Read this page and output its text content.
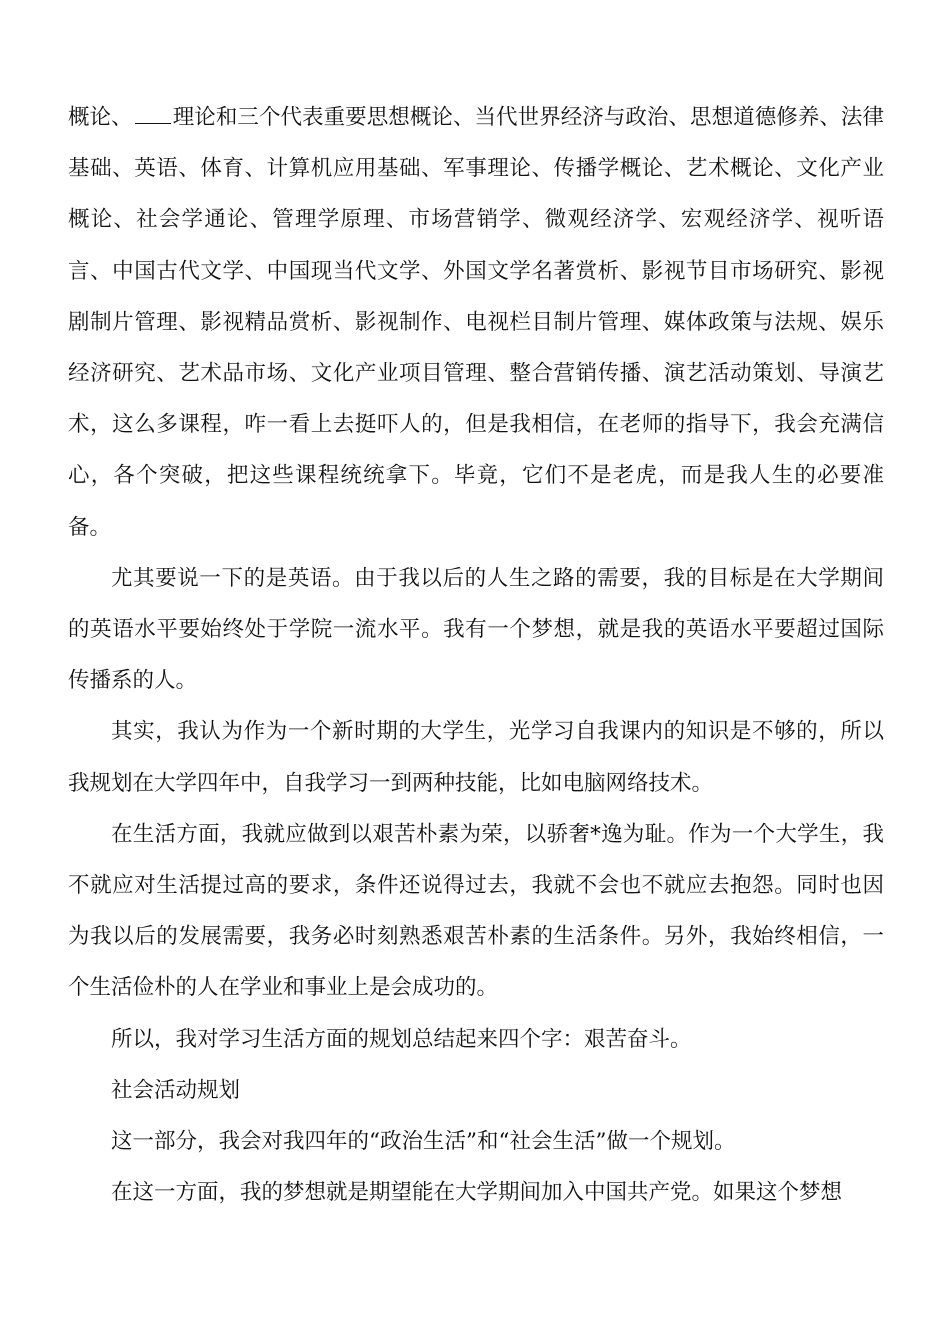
概论、 理论和三个代表重要思想概论、当代世界经济与政治、思想道德修养、法律基础、英语、体育、计算机应用基础、军事理论、传播学概论、艺术概论、文化产业概论、社会学通论、管理学原理、市场营销学、微观经济学、宏观经济学、视听语言、中国古代文学、中国现当代文学、外国文学名著赏析、影视节目市场研究、影视剧制片管理、影视精品赏析、影视制作、电视栏目制片管理、媒体政策与法规、娱乐经济研究、艺术品市场、文化产业项目管理、整合营销传播、演艺活动策划、导演艺术，这么多课程，咋一看上去挺吓人的，但是我相信，在老师的指导下，我会充满信心，各个突破，把这些课程统统拿下。毕竟，它们不是老虎，而是我人生的必要准备。

尤其要说一下的是英语。由于我以后的人生之路的需要，我的目标是在大学期间的英语水平要始终处于学院一流水平。我有一个梦想，就是我的英语水平要超过国际传播系的人。

其实，我认为作为一个新时期的大学生，光学习自我课内的知识是不够的，所以我规划在大学四年中，自我学习一到两种技能，比如电脑网络技术。

在生活方面，我就应做到以艰苦朴素为荣，以骄奢*逸为耻。作为一个大学生，我不就应对生活提过高的要求，条件还说得过去，我就不会也不就应去抱怨。同时也因为我以后的发展需要，我务必时刻熟悉艰苦朴素的生活条件。另外，我始终相信，一个生活俭朴的人在学业和事业上是会成功的。

所以，我对学习生活方面的规划总结起来四个字：艰苦奋斗。

社会活动规划

这一部分，我会对我四年的“政治生活”和“社会生活”做一个规划。

在这一方面，我的梦想就是期望能在大学期间加入中国共产党。如果这个梦想
